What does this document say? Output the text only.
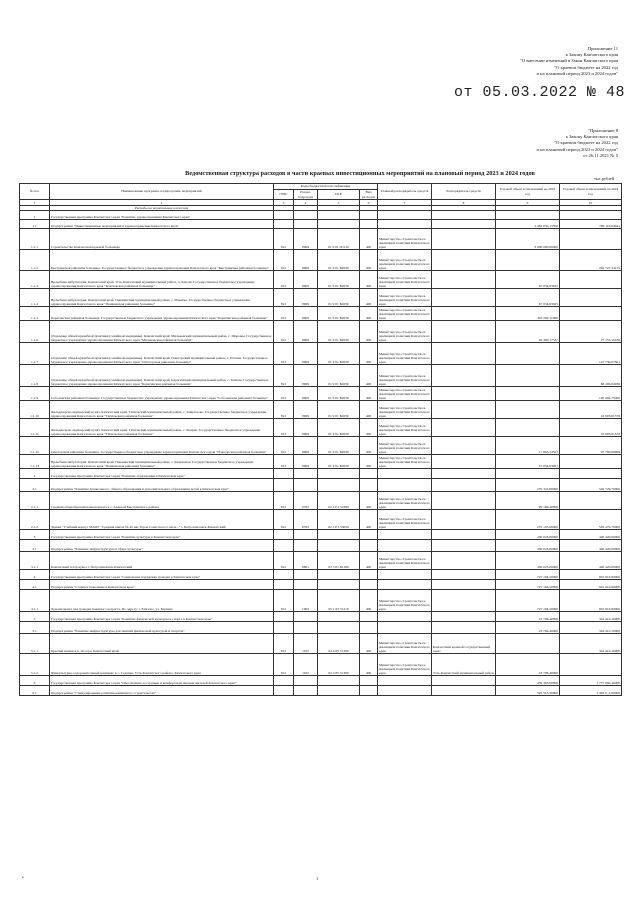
Приложение 11
к Закону Камчатского края
"О внесении изменений в Закон Камчатского края
"О краевом бюджете на 2022 год
и на плановый период 2023 и 2024 годов"
от 05.03.2022 № 48
"Приложение 8
к Закону Камчатского края
"О краевом бюджете на 2022 год
и на плановый период 2023 и 2024 годов"
от 26.11.2021 № 5
Ведомственная структура расходов в части краевых инвестиционных мероприятий на плановый период 2023 и 2024 годов
тыс.рублей
№ п/п	Наименование программ, подпрограмм, мероприятий	Коды бюджетной классификации				Главный распорядитель средств	Распорядитель средств	Годовой объем ассигнований на 2023 год	Годовой объем ассигнований на 2024 год
		ГРБС	Раздел, подраздел	ЦСР	Вид расходов				
1	2	3	4	5	6	7	8	9	10
	Расходы на капитальные вложения								
1	Государственная программа Камчатского края "Развитие здравоохранения Камчатского края"								
1.1	Подпрограмма "Инвестиционные мероприятия в здравоохранении Камчатского края"							4 482 650,13350	789 110,94941
1.1.1	Строительство Камчатской краевой больницы	812	0909	01 9 01 П1110	400	Министерство строительства и жилищной политики Камчатского края		3 900 000,00000	
1.1.2	Быстринская районная больница. Государственное бюджетное учреждение здравоохранения Камчатского края "Быстринская районная больница"	812	0909	01 9 01 Б2630	400	Министерство строительства и жилищной политики Камчатского края			204 727,34155
1.1.3	Врачебная амбулатория, Камчатский край, Усть-Камчатский муниципальный район, п. Ключи. Государственное бюджетное учреждение здравоохранения Камчатского края "Ключевская районная больница"	812	0909	01 9 01 Б2630	400	Министерство строительства и жилищной политики Камчатского края		67 034,63925	
1.1.4	Врачебная амбулатория. Камчатский край, Пенжинский муниципальный район, с. Манилы. Государственное бюджетное учреждение здравоохранения Камчатского края "Пенжинская районная больница"	812	0909	01 9 01 Б2630	400	Министерство строительства и жилищной политики Камчатского края		67 034,63925	
1.1.5	Карагинская районная больница. Государственное бюджетное учреждение здравоохранения Камчатского края "Карагинская районная больница"	812	0909	01 9 01 Б2630	400	Министерство строительства и жилищной политики Камчатского края		303 282,11900	
1.1.6	Отделение общей врачебной практики (семейной медицины). Камчатский край, Мильковский муниципальный район, с. Шаромы. Государственное бюджетное учреждение здравоохранения Камчатского края "Мильковская районная больница"	812	0909	01 9 01 Б2630	400	Министерство строительства и жилищной политики Камчатского края		64 490,17537	27 153,19436
1.1.7	Отделение общей врачебной практики (семейной медицины). Камчатский край, Олюторский муниципальный район, с. Пахачи. Государственное бюджетное учреждение здравоохранения Камчатского края "Олюторская районная больница"	812	0909	01 9 01 Б2630	400	Министерство строительства и жилищной политики Камчатского края			127 730,05501
1.1.8	Отделение общей врачебной практики (семейной медицины). Камчатский край, Карагинский муниципальный район, с. Тымлат. Государственное бюджетное учреждение здравоохранения Камчатского края "Карагинская районная больница"	812	0909	01 9 01 Б2630	400	Министерство строительства и жилищной политики Камчатского края			68 200,04936
1.1.9	Соболевская районная больница. Государственное бюджетное учреждение здравоохранения Камчатского края "Соболевская районная больница"	812	0909	01 9 01 Б2630	400	Министерство строительства и жилищной политики Камчатского края			195 494,75000
1.1.10	Фельдшерско-акушерский пункт. Камчатский край, Тигильский муниципальный район, с. Хайрюзово. Государственное бюджетное учреждение здравоохранения Камчатского края "Тигильская районная больница"	812	0909	01 9 01 Б2630	400	Министерство строительства и жилищной политики Камчатского края			16 903,81578
1.1.11	Фельдшерско-акушерский пункт. Камчатский край, Тигильский муниципальный район, с. Ковран. Государственное бюджетное учреждение здравоохранения Камчатского края "Тигильская районная больница"	812	0909	01 9 01 Б2630	400	Министерство строительства и жилищной политики Камчатского края			16 903,81578
1.1.12	Олюторская районная больница. Государственное бюджетное учреждение здравоохранения Камчатского края "Олюторская районная больница"	812	0909	01 9 01 Б2630	400	Министерство строительства и жилищной политики Камчатского края		17 863,24323	97 760,69969
1.1.13	Врачебная амбулатория. Камчатский край, Пенжинский муниципальный район, с. Каменское. Государственное бюджетное учреждение здравоохранения Камчатского края "Пенжинская районная больница"	812	0909	01 9 01 Б2630	400	Министерство строительства и жилищной политики Камчатского края		67 034,63927	
2	Государственная программа Камчатского края "Развитие образования в Камчатском крае"								
2.1	Подпрограмма "Развитие дошкольного, общего образования и дополнительного образования детей в Камчатском крае"							270 341,60000	502 729,70000
2.1.1	Средняя общеобразовательная школа в с. Анавгай Быстринского района	812	0702	02 1 E1 52390	400	Министерство строительства и жилищной политики Камчатского края		99 166,40000	
2.1.2	Здание "Учебный корпус МАОУ "Средняя школа № 42 им. Героя Советского Союза..." г. Петропавловск-Камчатский	812	0702	02 1 E1 53050	400	Министерство строительства и жилищной политики Камчатского края		270 195,60000	502 479,70000
3	Государственная программа Камчатского края "Развитие культуры в Камчатском крае"							430 023,00000	446 420,00000
3.1	Подпрограмма "Развитие инфраструктуры в сфере культуры"							430 023,00000	446 420,00000
3.1.1	Камчатский театр кукол г. Петропавловск-Камчатский	812	0801	03 5 01 Б1180	400	Министерство строительства и жилищной политики Камчатского края		430 023,00000	446 420,00000
4	Государственная программа Камчатского края "Социальная поддержка граждан в Камчатском крае"							727 194,50000	691 910,80000
4.1	Подпрограмма "Старшее поколение в Камчатском крае"							727 194,50000	691 910,80000
4.1.1	Дом-интернат для граждан пожилого возраста, По адресу: г. Елизово, ул. Беринга	812	1002	05 1 P3 51210	400	Министерство строительства и жилищной политики Камчатского края		727 194,50000	691 910,80000
5	Государственная программа Камчатского края "Развитие физической культуры и спорта в Камчатском крае"							23 706,40000	344 410,10000
5.1	Подпрограмма "Развитие инфраструктуры для занятий физической культурой и спортом"							23 706,40000	344 410,10000
5.1.1	Крытый манеж в п. Оссора, Камчатский край	812	1102	02 4 P5 51390	400	Министерство строительства и жилищной политики Камчатского края	Камчатский краевой государственный заказ		344 410,10000
5.1.2	Физкультурно-оздоровительный комплекс в с. Седанка, Усть-Камчатского района, Камчатского края	812	1102	02 4 P5 51390	400	Министерство строительства и жилищной политики Камчатского края	Усть-Камчатский муниципальный район	23 706,40000	
6	Государственная программа Камчатского края "Обеспечение доступным и комфортным жильем жителей Камчатского края"							459 303,00000	1 775 060,30000
6.1	Подпрограмма "Стимулирование развития жилищного строительства"							325 513,30000	1 465 0_2,00000
•	1
